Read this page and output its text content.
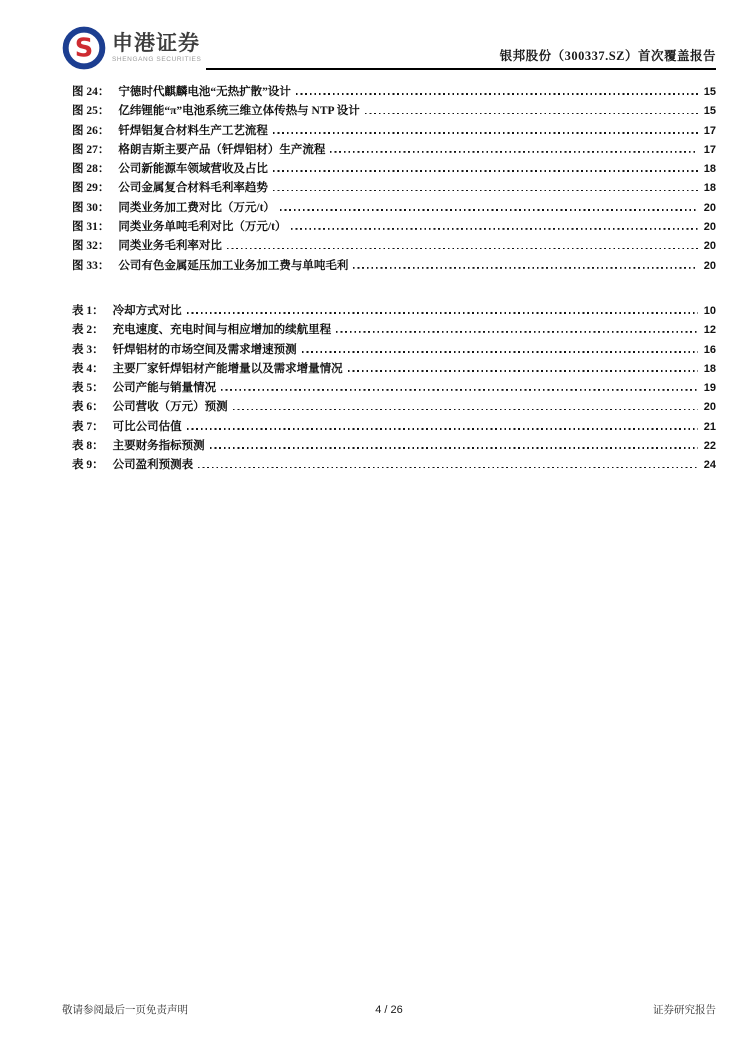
S 申港证券
SHENGANG SECURITIES	银邦股份（300337.SZ）首次覆盖报告
图 24： 宁德时代麒麟电池“无热扩散”设计	15
图 25： 亿纬锂能“π”电池系统三维立体传热与 NTP 设计	15
图 26： 钎焊铝复合材料生产工艺流程	17
图 27： 格朗吉斯主要产品（钎焊铝材）生产流程	17
图 28： 公司新能源车领域营收及占比	18
图 29： 公司金属复合材料毛利率趋势	18
图 30： 同类业务加工费对比（万元/t）	20
图 31： 同类业务单吨毛利对比（万元/t）	20
图 32： 同类业务毛利率对比	20
图 33： 公司有色金属延压加工业务加工费与单吨毛利	20
表 1： 冷却方式对比	10
表 2： 充电速度、充电时间与相应增加的续航里程	12
表 3： 钎焊铝材的市场空间及需求增速预测	16
表 4： 主要厂家钎焊铝材产能增量以及需求增量情况	18
表 5： 公司产能与销量情况	19
表 6： 公司营收（万元）预测	20
表 7： 可比公司估值	21
表 8： 主要财务指标预测	22
表 9： 公司盈利预测表	24
敬请参阅最后一页免责声明	4 / 26	证券研究报告
